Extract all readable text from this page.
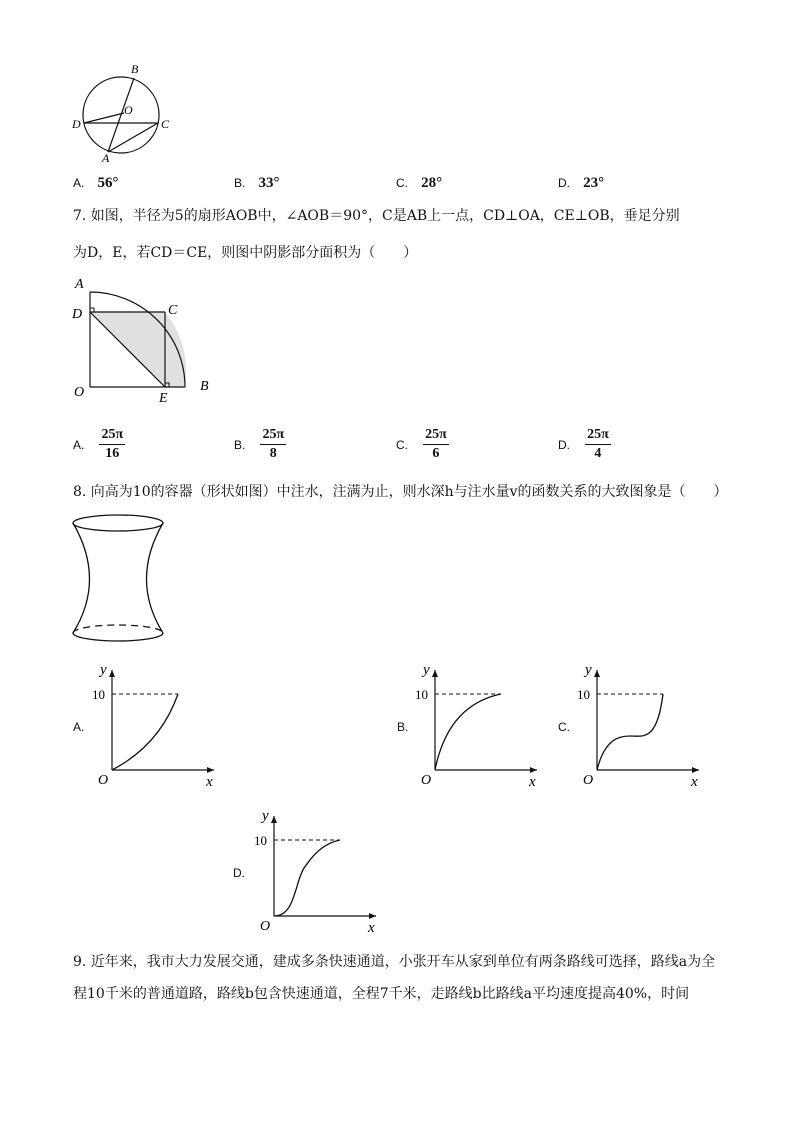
B
O
D	C
A
A. 56°	B. 33°	C. 28°	D. 23°
7. 如图，半径为5的扇形AOB中，∠AOB＝90°，C是AB上一点，CD⊥OA，CE⊥OB，垂足分别
为D，E，若CD＝CE，则图中阴影部分面积为（　　）
A
D	C
O	E
B
A. $\frac{25\pi}{16}$	B. $\frac{25\pi}{8}$	C. $\frac{25\pi}{6}$	D. $\frac{25\pi}{4}$
8. 向高为10的容器（形状如图）中注水，注满为止，则水深h与注水量v的函数关系的大致图象是（　　）
A.
y
10
O	x
B.
y
10
O	x
C.
y
10
O	x
D.
y
10
O	x
9. 近年来，我市大力发展交通，建成多条快速通道，小张开车从家到单位有两条路线可选择，路线a为全
程10千米的普通道路，路线b包含快速通道，全程7千米，走路线b比路线a平均速度提高40%，时间
